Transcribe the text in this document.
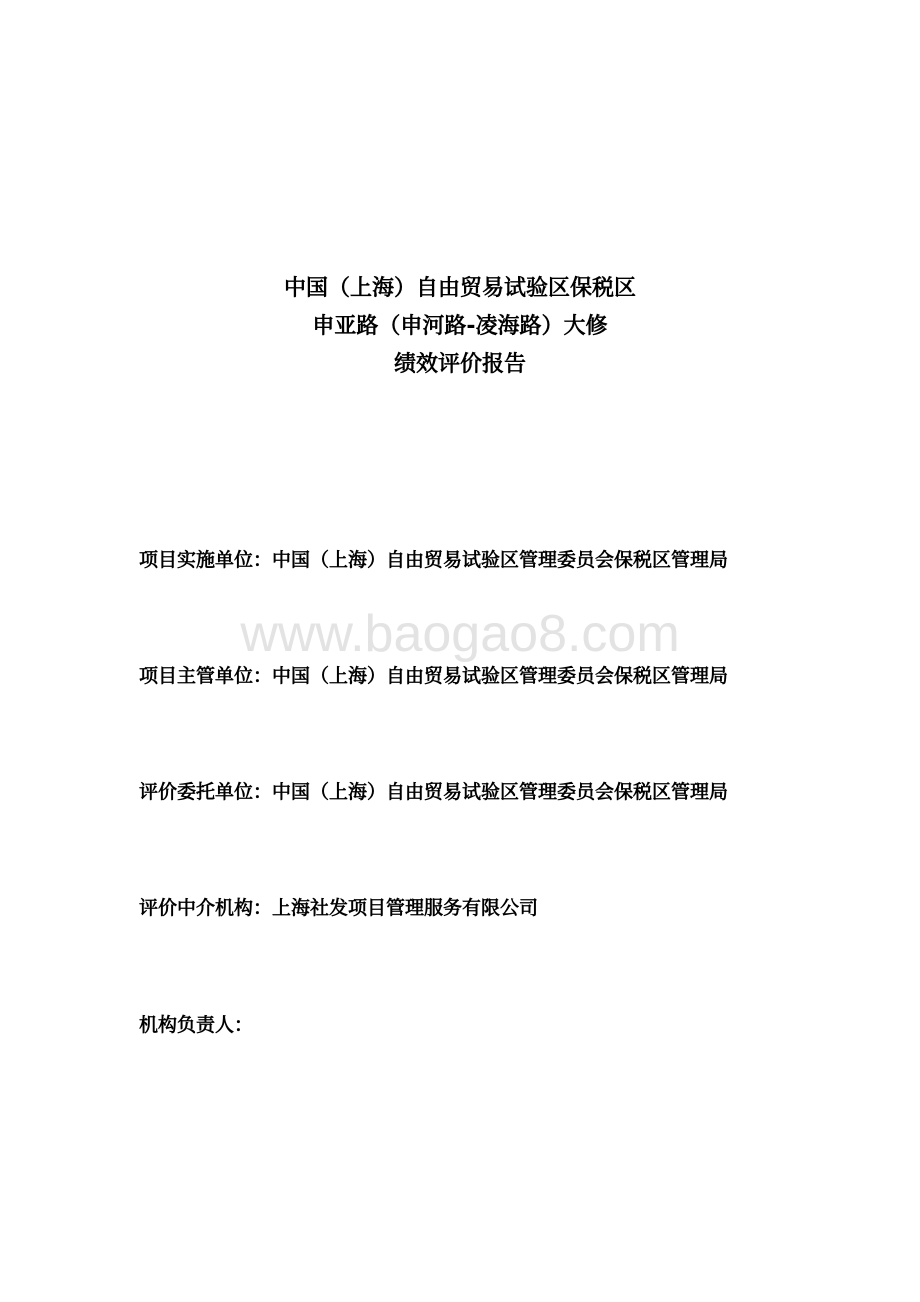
中国（上海）自由贸易试验区保税区
申亚路（申河路-凌海路）大修
绩效评价报告
www.baogao8.com
项目实施单位：中国（上海）自由贸易试验区管理委员会保税区管理局
项目主管单位：中国（上海）自由贸易试验区管理委员会保税区管理局
评价委托单位：中国（上海）自由贸易试验区管理委员会保税区管理局
评价中介机构：上海社发项目管理服务有限公司
机构负责人：
